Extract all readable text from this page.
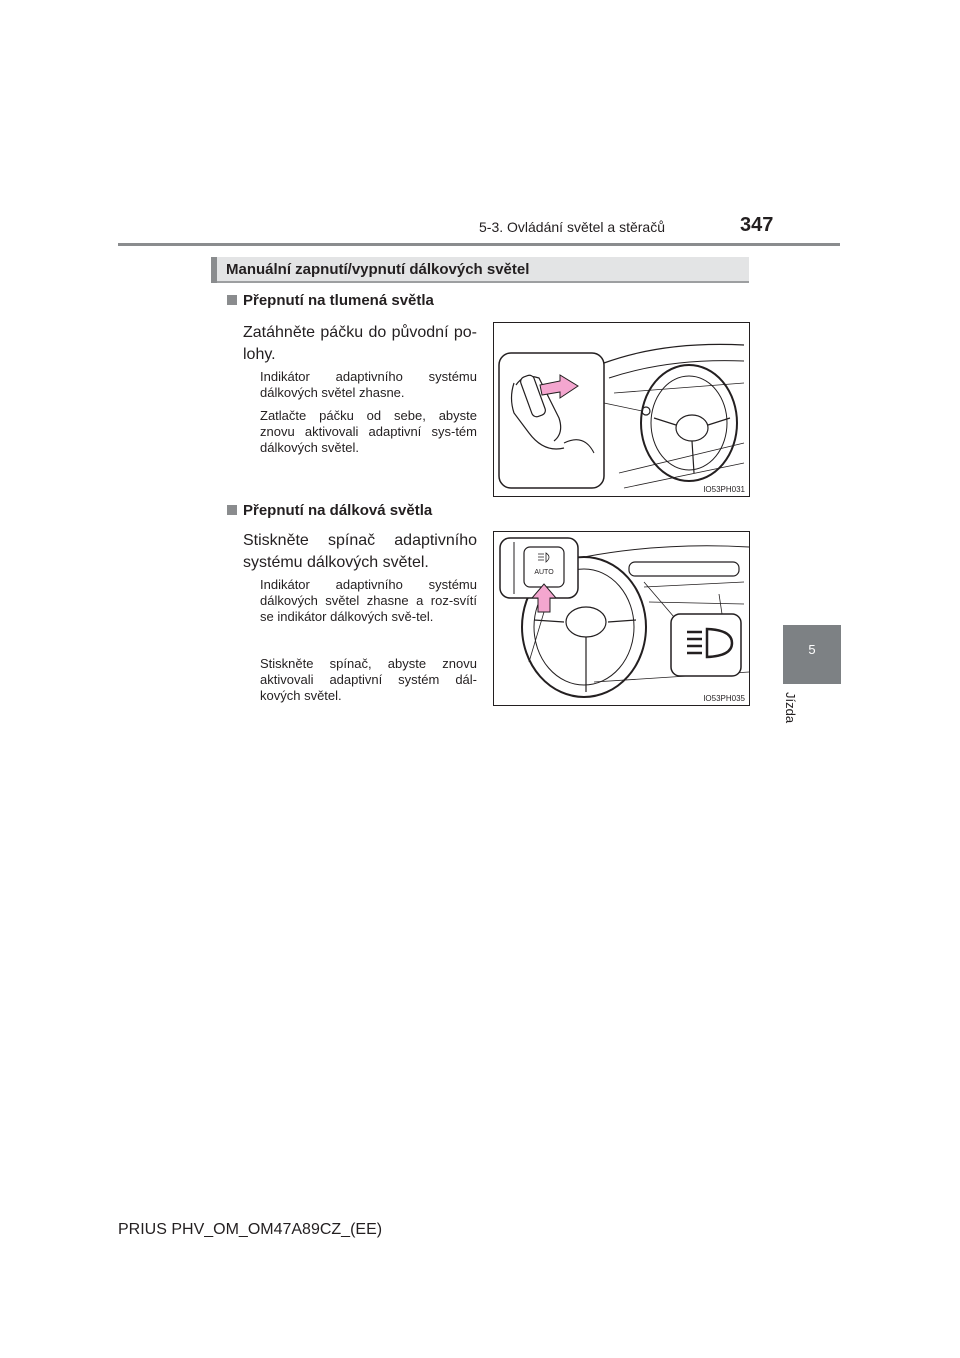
5-3. Ovládání světel a stěračů	347
5
Jízda
Manuální zapnutí/vypnutí dálkových světel
Přepnutí na tlumená světla
Zatáhněte páčku do původní po-lohy.
Indikátor adaptivního systému dálkových světel zhasne.
Zatlačte páčku od sebe, abyste znovu aktivovali adaptivní sys-tém dálkových světel.
IO53PH031
Přepnutí na dálková světla
Stiskněte spínač adaptivního systému dálkových světel.
Indikátor adaptivního systému dálkových světel zhasne a roz-svítí se indikátor dálkových svě-tel.
Stiskněte spínač, abyste znovu aktivovali adaptivní systém dál-kových světel.
AUTO
IO53PH035
PRIUS PHV_OM_OM47A89CZ_(EE)
